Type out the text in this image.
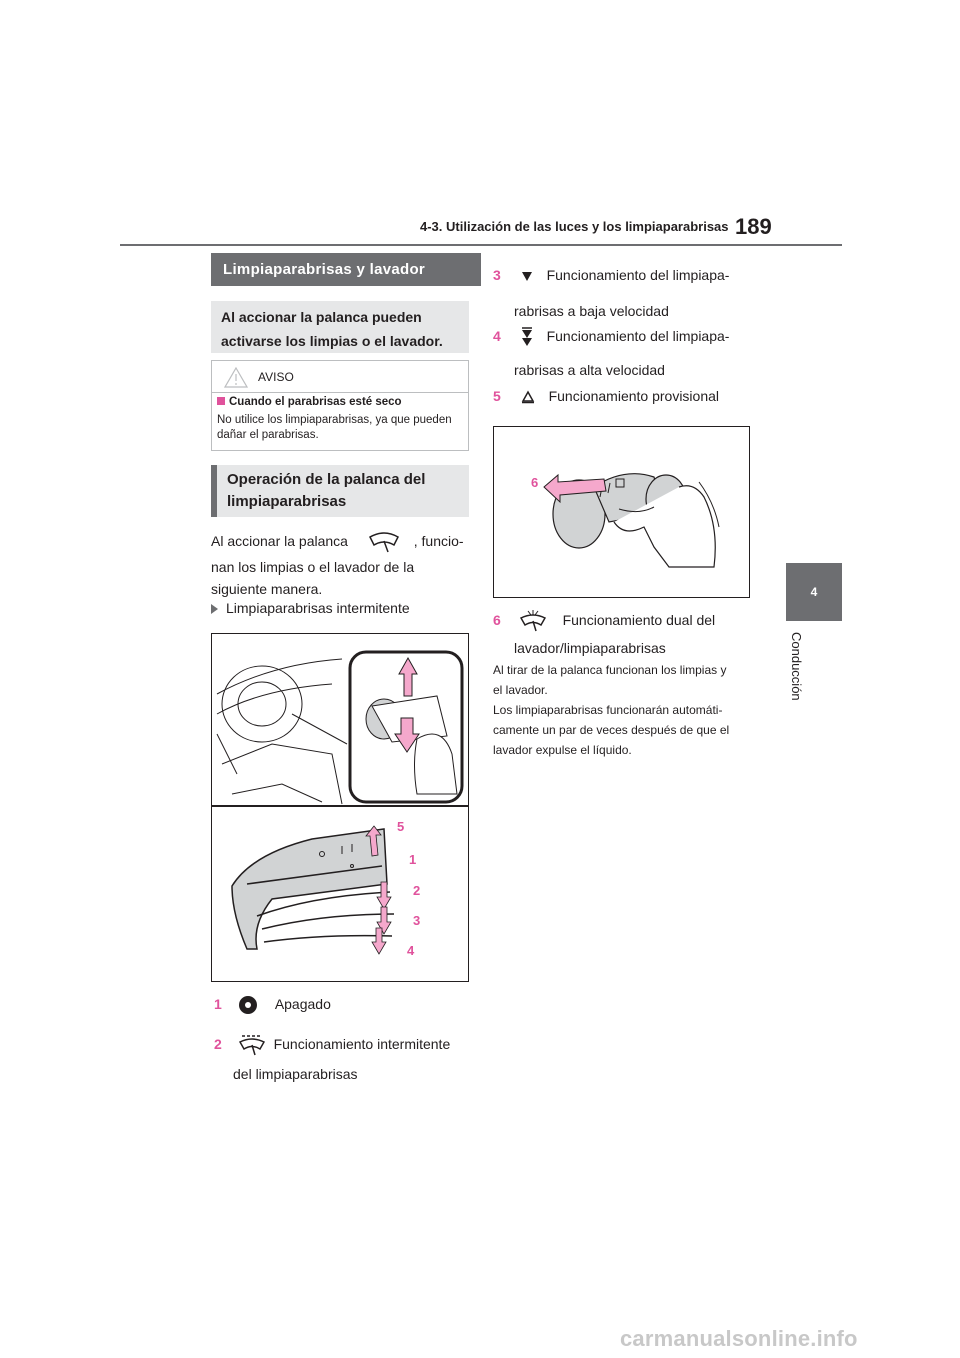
4-3. Utilización de las luces y los limpiaparabrisas 189
4
Conducción
Limpiaparabrisas y lavador
Al accionar la palanca pueden activarse los limpias o el lavador.
AVISO
Cuando el parabrisas esté seco
No utilice los limpiaparabrisas, ya que pueden dañar el parabrisas.
Operación de la palanca del limpiaparabrisas
Al accionar la palanca	, funcio-
nan los limpias o el lavador de la
siguiente manera.
Limpiaparabrisas intermitente
5
1
2
3
4
1	Apagado
2	Funcionamiento intermitente
del limpiaparabrisas
3	Funcionamiento del limpiapa-
rabrisas a baja velocidad
4	Funcionamiento del limpiapa-
rabrisas a alta velocidad
5	Funcionamiento provisional
6
6	Funcionamiento dual del
lavador/limpiaparabrisas
Al tirar de la palanca funcionan los limpias y
el lavador.
Los limpiaparabrisas funcionarán automáti-
camente un par de veces después de que el
lavador expulse el líquido.
carmanualsonline.info
